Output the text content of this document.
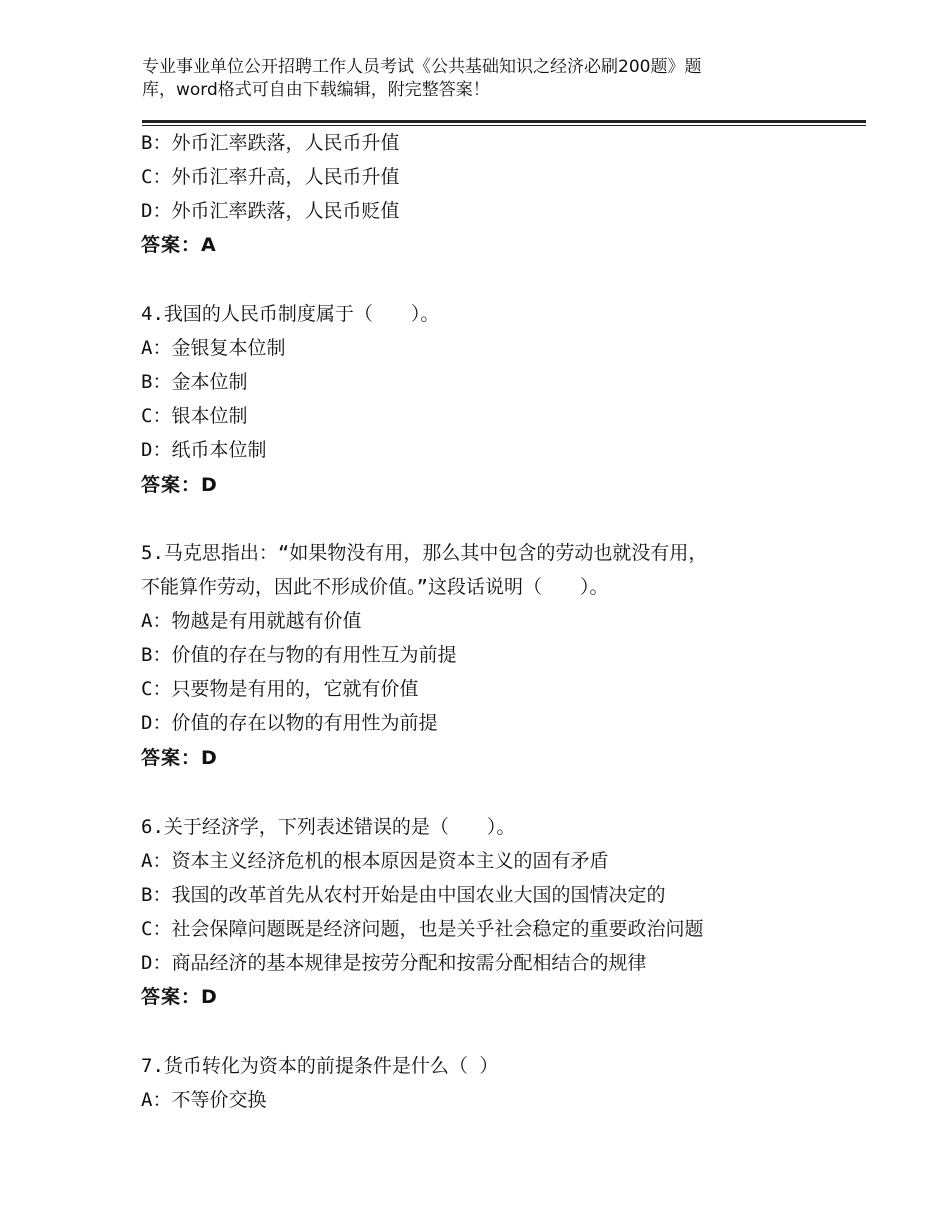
专业事业单位公开招聘工作人员考试《公共基础知识之经济必刷200题》题
库，word格式可自由下载编辑，附完整答案！
B：外币汇率跌落，人民币升值
C：外币汇率升高，人民币升值
D：外币汇率跌落，人民币贬值
答案：A
4.我国的人民币制度属于（　　）。
A：金银复本位制
B：金本位制
C：银本位制
D：纸币本位制
答案：D
5.马克思指出：“如果物没有用，那么其中包含的劳动也就没有用，
不能算作劳动，因此不形成价值。”这段话说明（　　）。
A：物越是有用就越有价值
B：价值的存在与物的有用性互为前提
C：只要物是有用的，它就有价值
D：价值的存在以物的有用性为前提
答案：D
6.关于经济学，下列表述错误的是（　　）。
A：资本主义经济危机的根本原因是资本主义的固有矛盾
B：我国的改革首先从农村开始是由中国农业大国的国情决定的
C：社会保障问题既是经济问题，也是关乎社会稳定的重要政治问题
D：商品经济的基本规律是按劳分配和按需分配相结合的规律
答案：D
7.货币转化为资本的前提条件是什么（ ）
A：不等价交换
